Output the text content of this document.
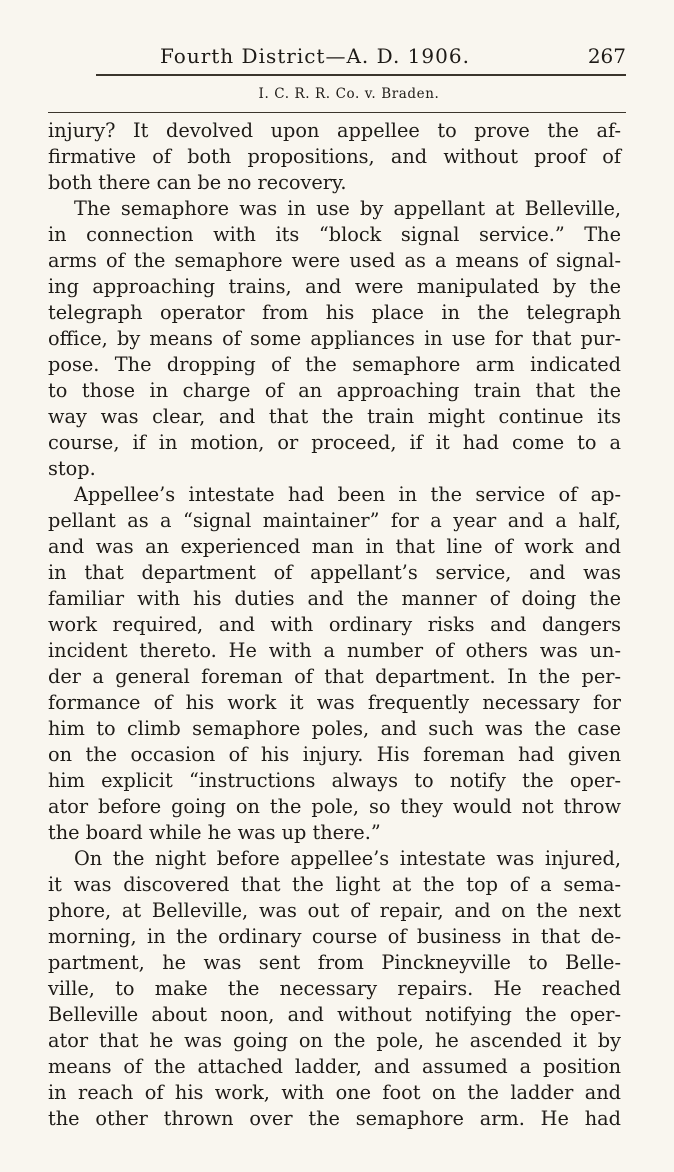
Fourth District—A. D. 1906.	267
I. C. R. R. Co. v. Braden.
injury? It devolved upon appellee to prove the af-
firmative of both propositions, and without proof of
both there can be no recovery.
The semaphore was in use by appellant at Belleville,
in connection with its “block signal service.” The
arms of the semaphore were used as a means of signal-
ing approaching trains, and were manipulated by the
telegraph operator from his place in the telegraph
office, by means of some appliances in use for that pur-
pose. The dropping of the semaphore arm indicated
to those in charge of an approaching train that the
way was clear, and that the train might continue its
course, if in motion, or proceed, if it had come to a
stop.
Appellee’s intestate had been in the service of ap-
pellant as a “signal maintainer” for a year and a half,
and was an experienced man in that line of work and
in that department of appellant’s service, and was
familiar with his duties and the manner of doing the
work required, and with ordinary risks and dangers
incident thereto. He with a number of others was un-
der a general foreman of that department. In the per-
formance of his work it was frequently necessary for
him to climb semaphore poles, and such was the case
on the occasion of his injury. His foreman had given
him explicit “instructions always to notify the oper-
ator before going on the pole, so they would not throw
the board while he was up there.”
On the night before appellee’s intestate was injured,
it was discovered that the light at the top of a sema-
phore, at Belleville, was out of repair, and on the next
morning, in the ordinary course of business in that de-
partment, he was sent from Pinckneyville to Belle-
ville, to make the necessary repairs. He reached
Belleville about noon, and without notifying the oper-
ator that he was going on the pole, he ascended it by
means of the attached ladder, and assumed a position
in reach of his work, with one foot on the ladder and
the other thrown over the semaphore arm. He had
